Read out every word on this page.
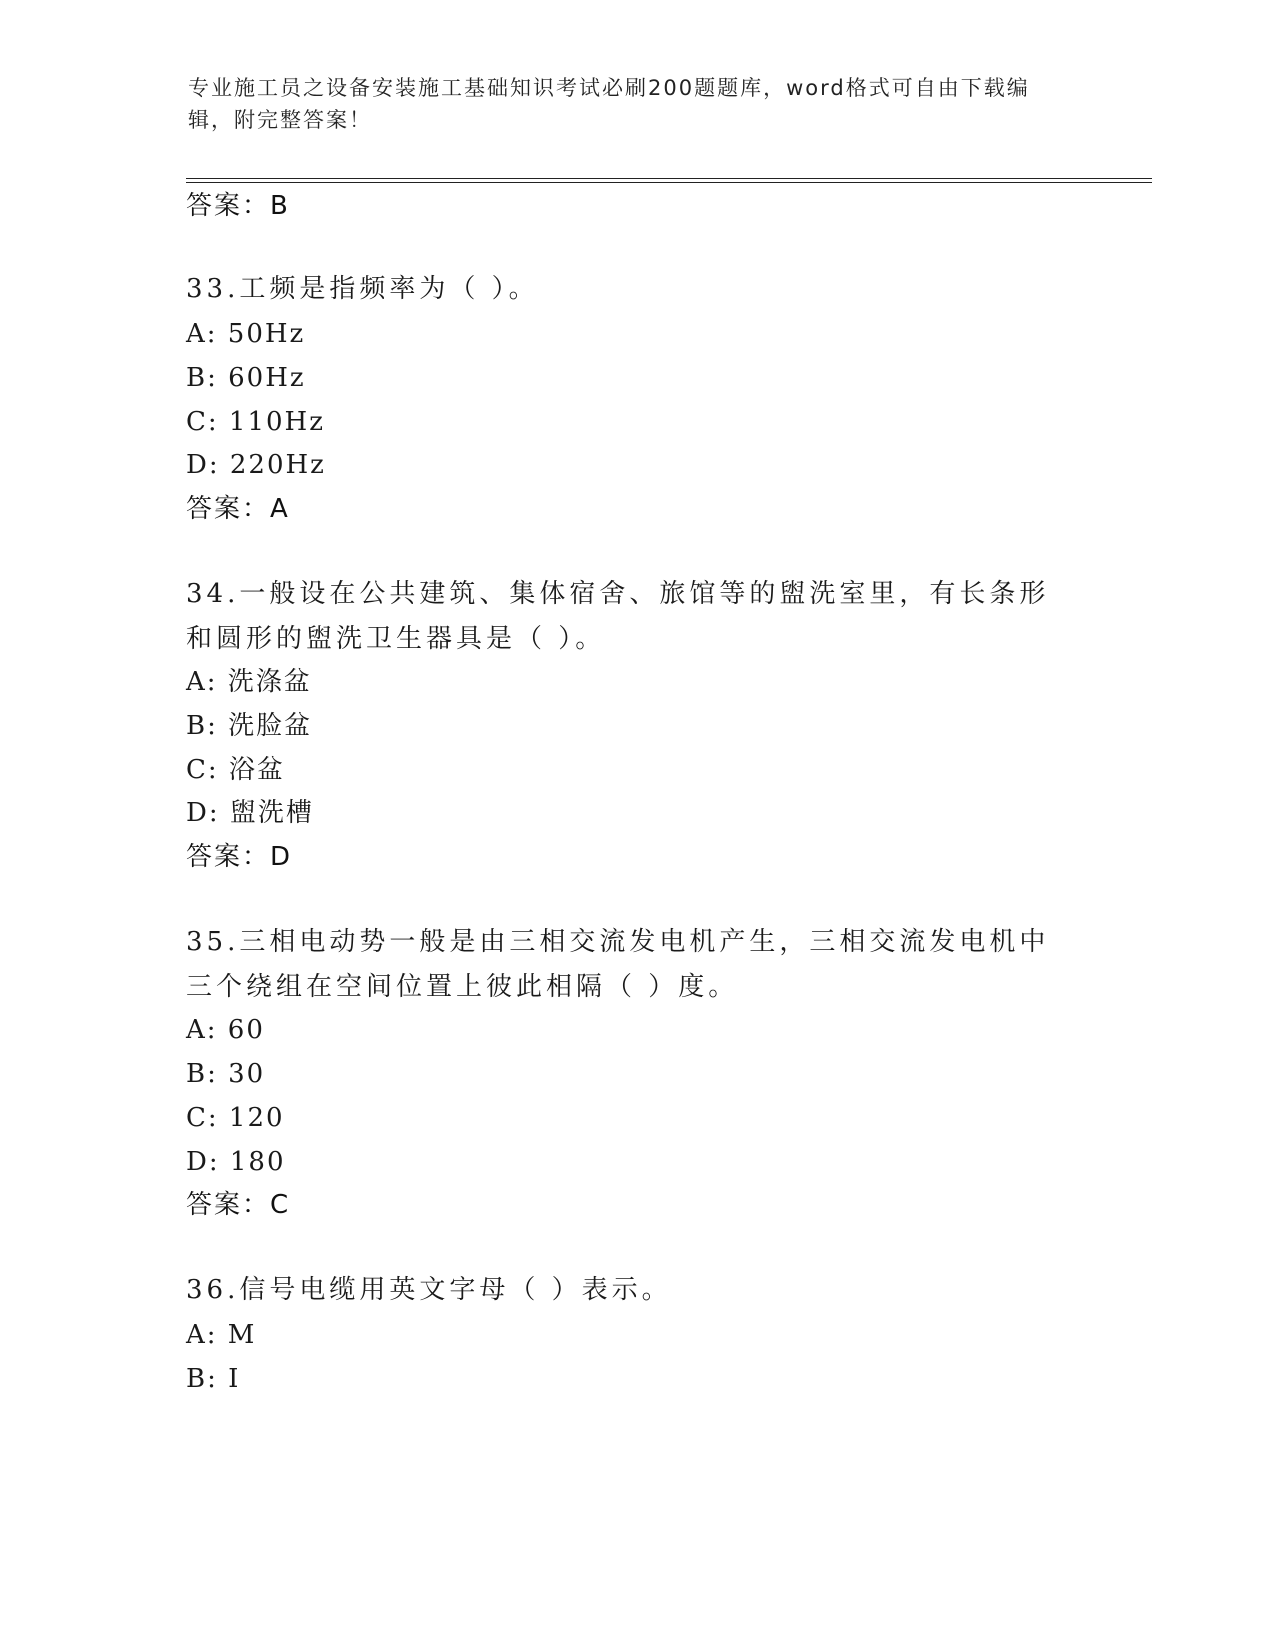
专业施工员之设备安装施工基础知识考试必刷200题题库，word格式可自由下载编辑，附完整答案！
答案：B
33.工频是指频率为（ ）。
A: 50Hz
B: 60Hz
C: 110Hz
D: 220Hz
答案：A
34.一般设在公共建筑、集体宿舍、旅馆等的盥洗室里，有长条形和圆形的盥洗卫生器具是（ ）。
A: 洗涤盆
B: 洗脸盆
C: 浴盆
D: 盥洗槽
答案：D
35.三相电动势一般是由三相交流发电机产生，三相交流发电机中三个绕组在空间位置上彼此相隔（ ）度。
A: 60
B: 30
C: 120
D: 180
答案：C
36.信号电缆用英文字母（ ）表示。
A: M
B: I
